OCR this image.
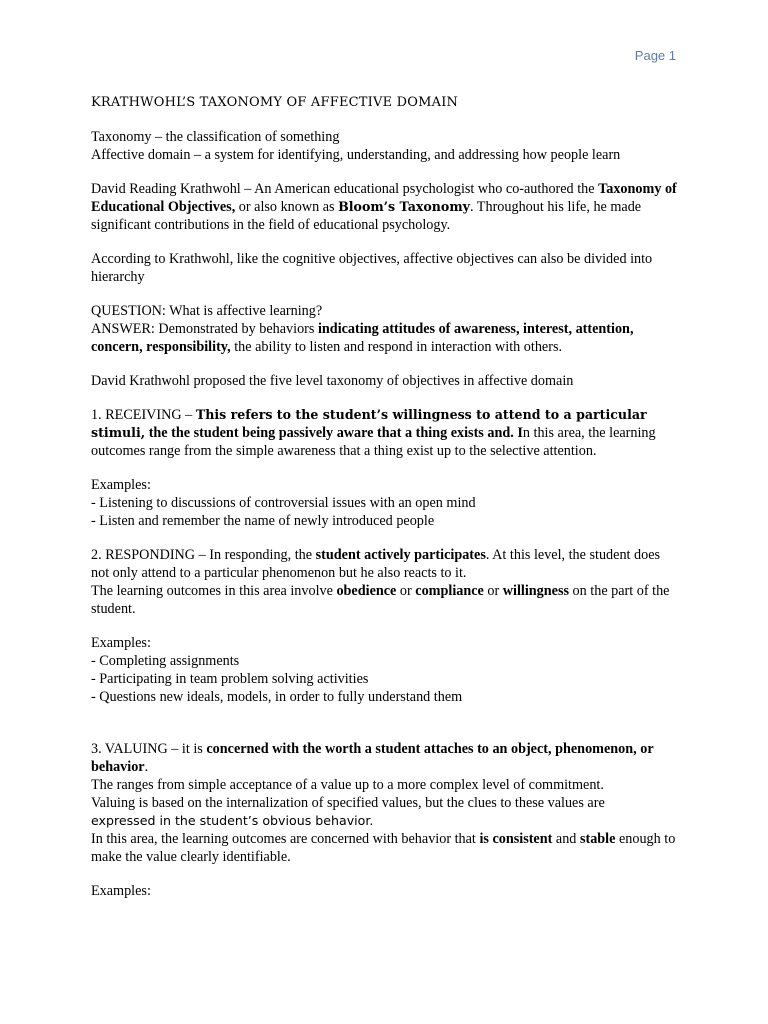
Page 1
KRATHWOHL’S TAXONOMY OF AFFECTIVE DOMAIN

Taxonomy – the classification of something
Affective domain – a system for identifying, understanding, and addressing how people learn

David Reading Krathwohl – An American educational psychologist who co-authored the Taxonomy of Educational Objectives, or also known as Bloom’s Taxonomy. Throughout his life, he made significant contributions in the field of educational psychology.

According to Krathwohl, like the cognitive objectives, affective objectives can also be divided into hierarchy

QUESTION: What is affective learning?
ANSWER: Demonstrated by behaviors indicating attitudes of awareness, interest, attention, concern, responsibility, the ability to listen and respond in interaction with others.

David Krathwohl proposed the five level taxonomy of objectives in affective domain

1. RECEIVING – This refers to the student’s willingness to attend to a particular stimuli, the the student being passively aware that a thing exists and. In this area, the learning outcomes range from the simple awareness that a thing exist up to the selective attention.

Examples:
- Listening to discussions of controversial issues with an open mind
- Listen and remember the name of newly introduced people

2. RESPONDING – In responding, the student actively participates. At this level, the student does not only attend to a particular phenomenon but he also reacts to it.
The learning outcomes in this area involve obedience or compliance or willingness on the part of the student.

Examples:
- Completing assignments
- Participating in team problem solving activities
- Questions new ideals, models, in order to fully understand them

3. VALUING – it is concerned with the worth a student attaches to an object, phenomenon, or behavior.
The ranges from simple acceptance of a value up to a more complex level of commitment.
Valuing is based on the internalization of specified values, but the clues to these values are
expressed in the student’s obvious behavior.
In this area, the learning outcomes are concerned with behavior that is consistent and stable enough to make the value clearly identifiable.

Examples:
